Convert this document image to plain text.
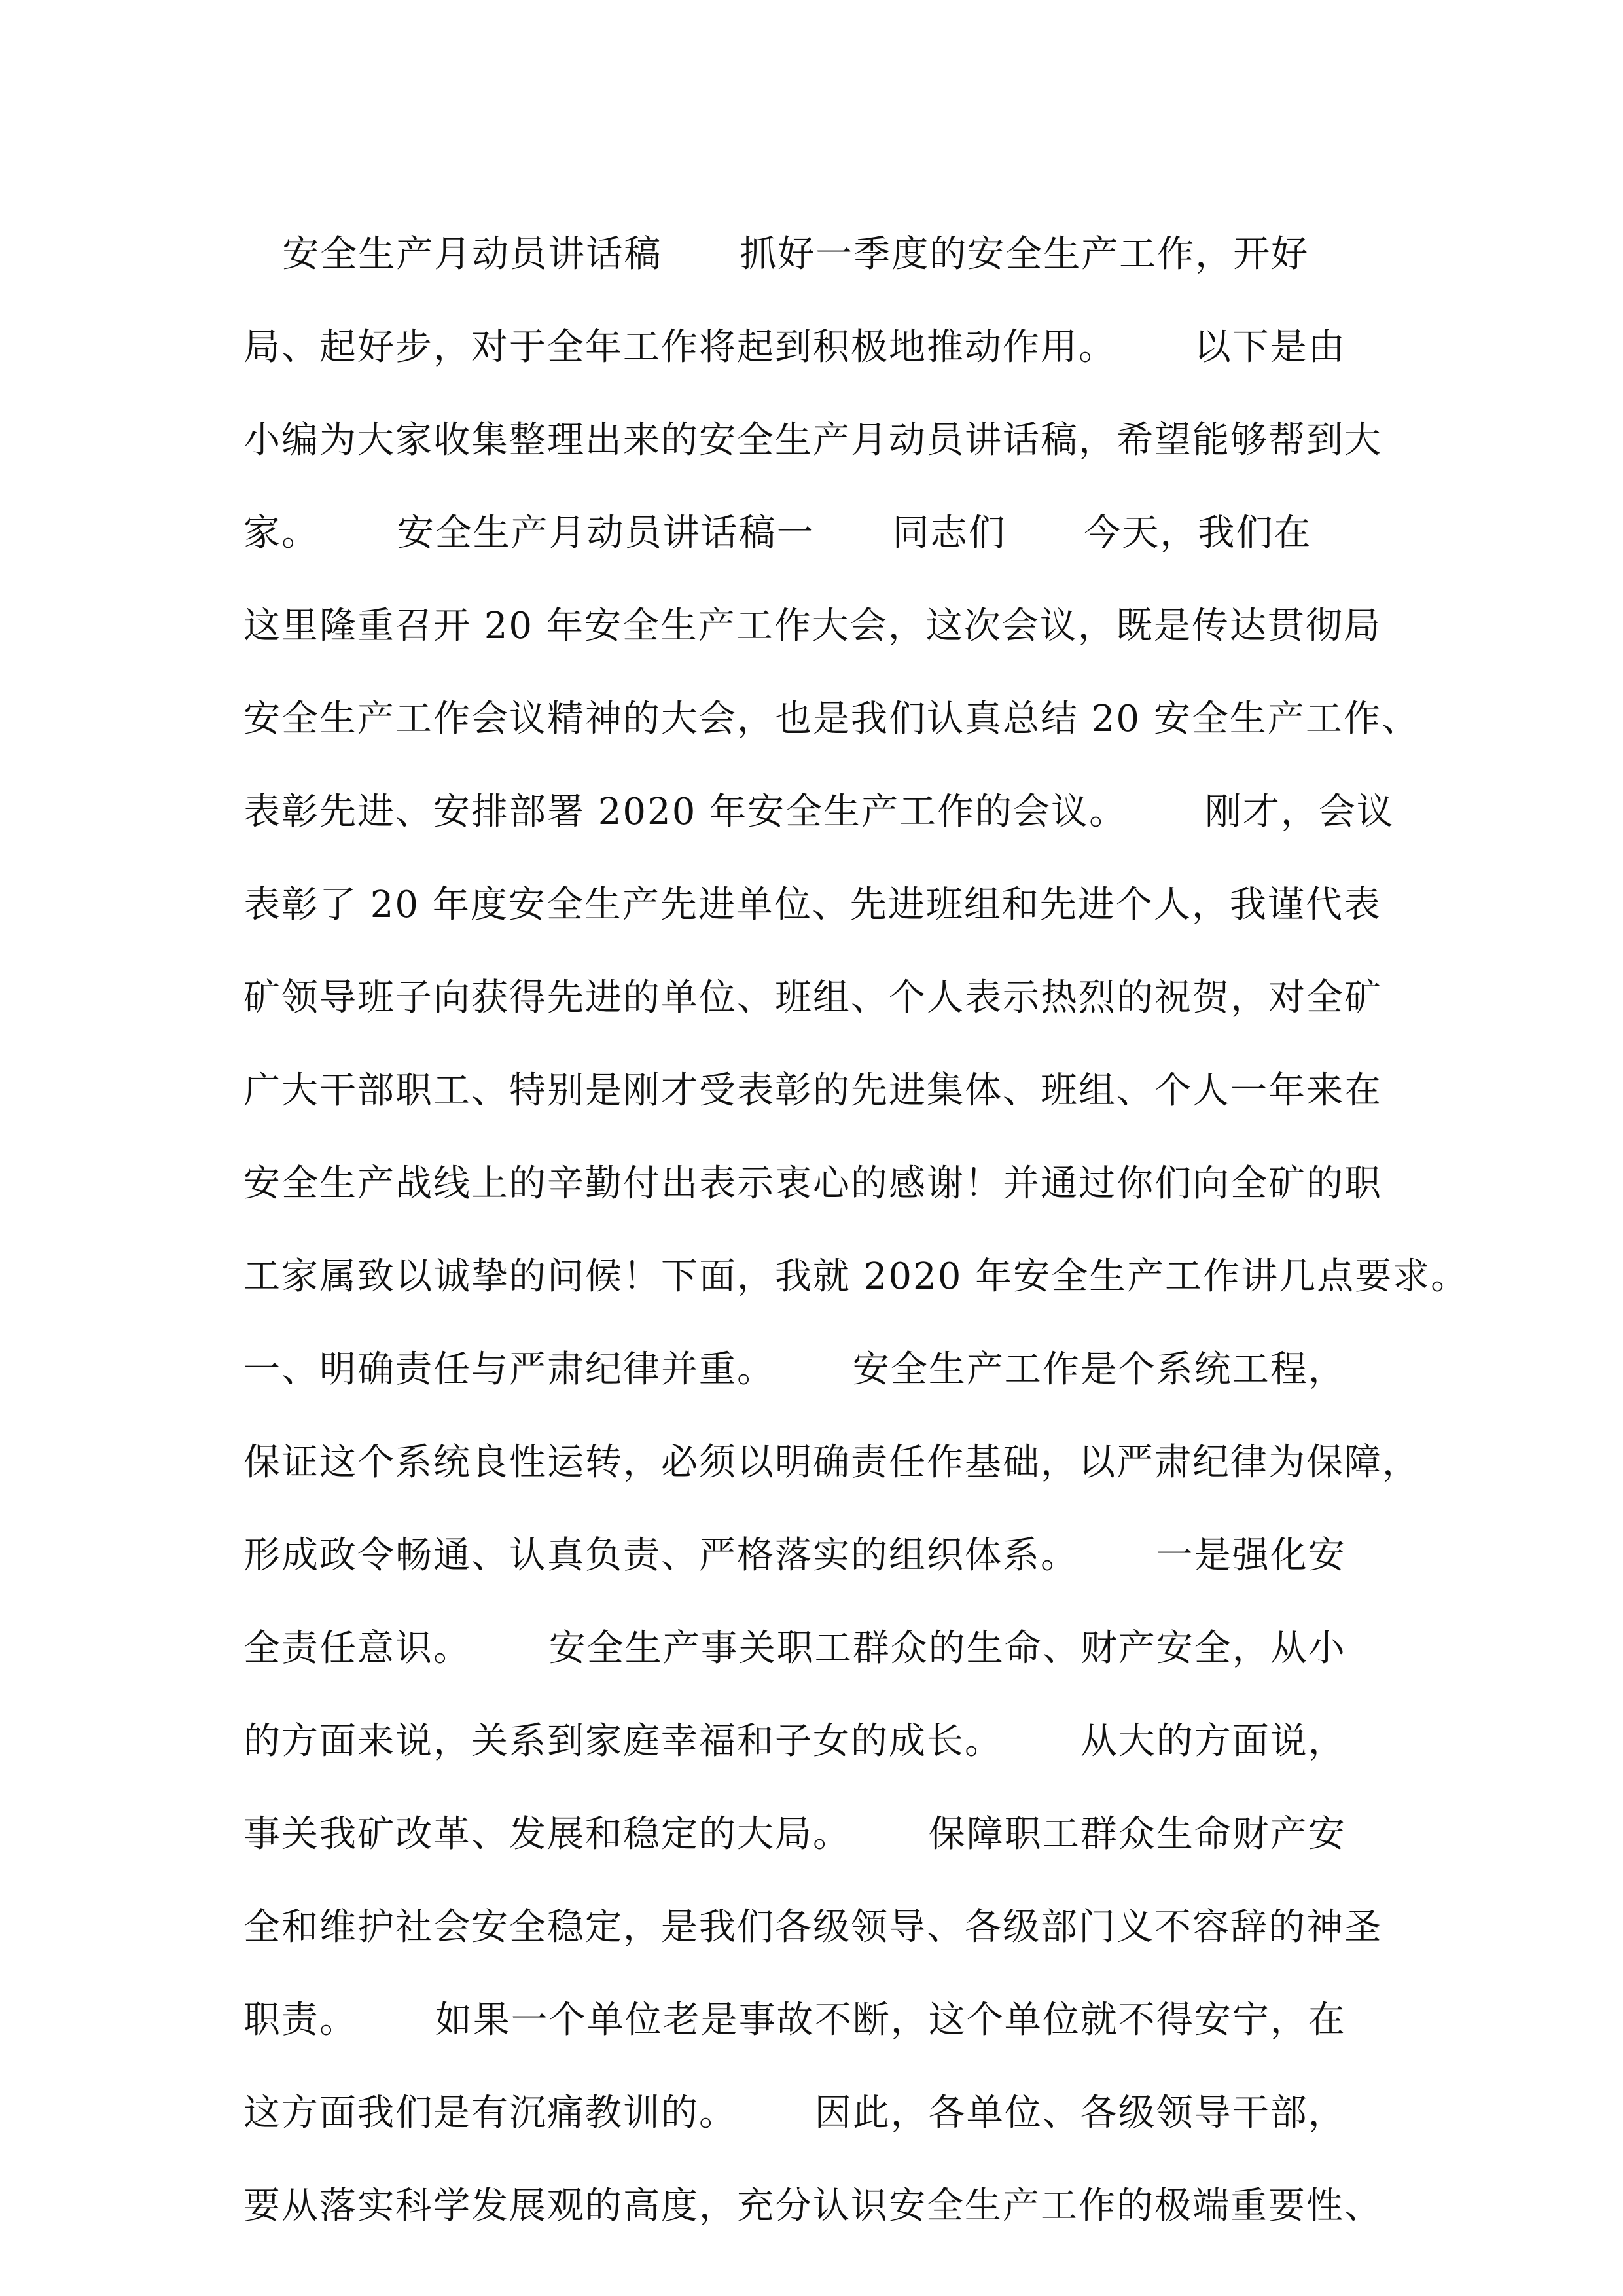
安全生产月动员讲话稿      抓好一季度的安全生产工作，开好
局、起好步，对于全年工作将起到积极地推动作用。      以下是由
小编为大家收集整理出来的安全生产月动员讲话稿，希望能够帮到大
家。      安全生产月动员讲话稿一      同志们      今天，我们在
这里隆重召开 20 年安全生产工作大会，这次会议，既是传达贯彻局
安全生产工作会议精神的大会，也是我们认真总结 20 安全生产工作、
表彰先进、安排部署 2020 年安全生产工作的会议。      刚才，会议
表彰了 20 年度安全生产先进单位、先进班组和先进个人，我谨代表
矿领导班子向获得先进的单位、班组、个人表示热烈的祝贺，对全矿
广大干部职工、特别是刚才受表彰的先进集体、班组、个人一年来在
安全生产战线上的辛勤付出表示衷心的感谢！并通过你们向全矿的职
工家属致以诚挚的问候！下面，我就 2020 年安全生产工作讲几点要求。
一、明确责任与严肃纪律并重。      安全生产工作是个系统工程，
保证这个系统良性运转，必须以明确责任作基础，以严肃纪律为保障，
形成政令畅通、认真负责、严格落实的组织体系。      一是强化安
全责任意识。      安全生产事关职工群众的生命、财产安全，从小
的方面来说，关系到家庭幸福和子女的成长。      从大的方面说，
事关我矿改革、发展和稳定的大局。      保障职工群众生命财产安
全和维护社会安全稳定，是我们各级领导、各级部门义不容辞的神圣
职责。      如果一个单位老是事故不断，这个单位就不得安宁，在
这方面我们是有沉痛教训的。      因此，各单位、各级领导干部，
要从落实科学发展观的高度，充分认识安全生产工作的极端重要性、
